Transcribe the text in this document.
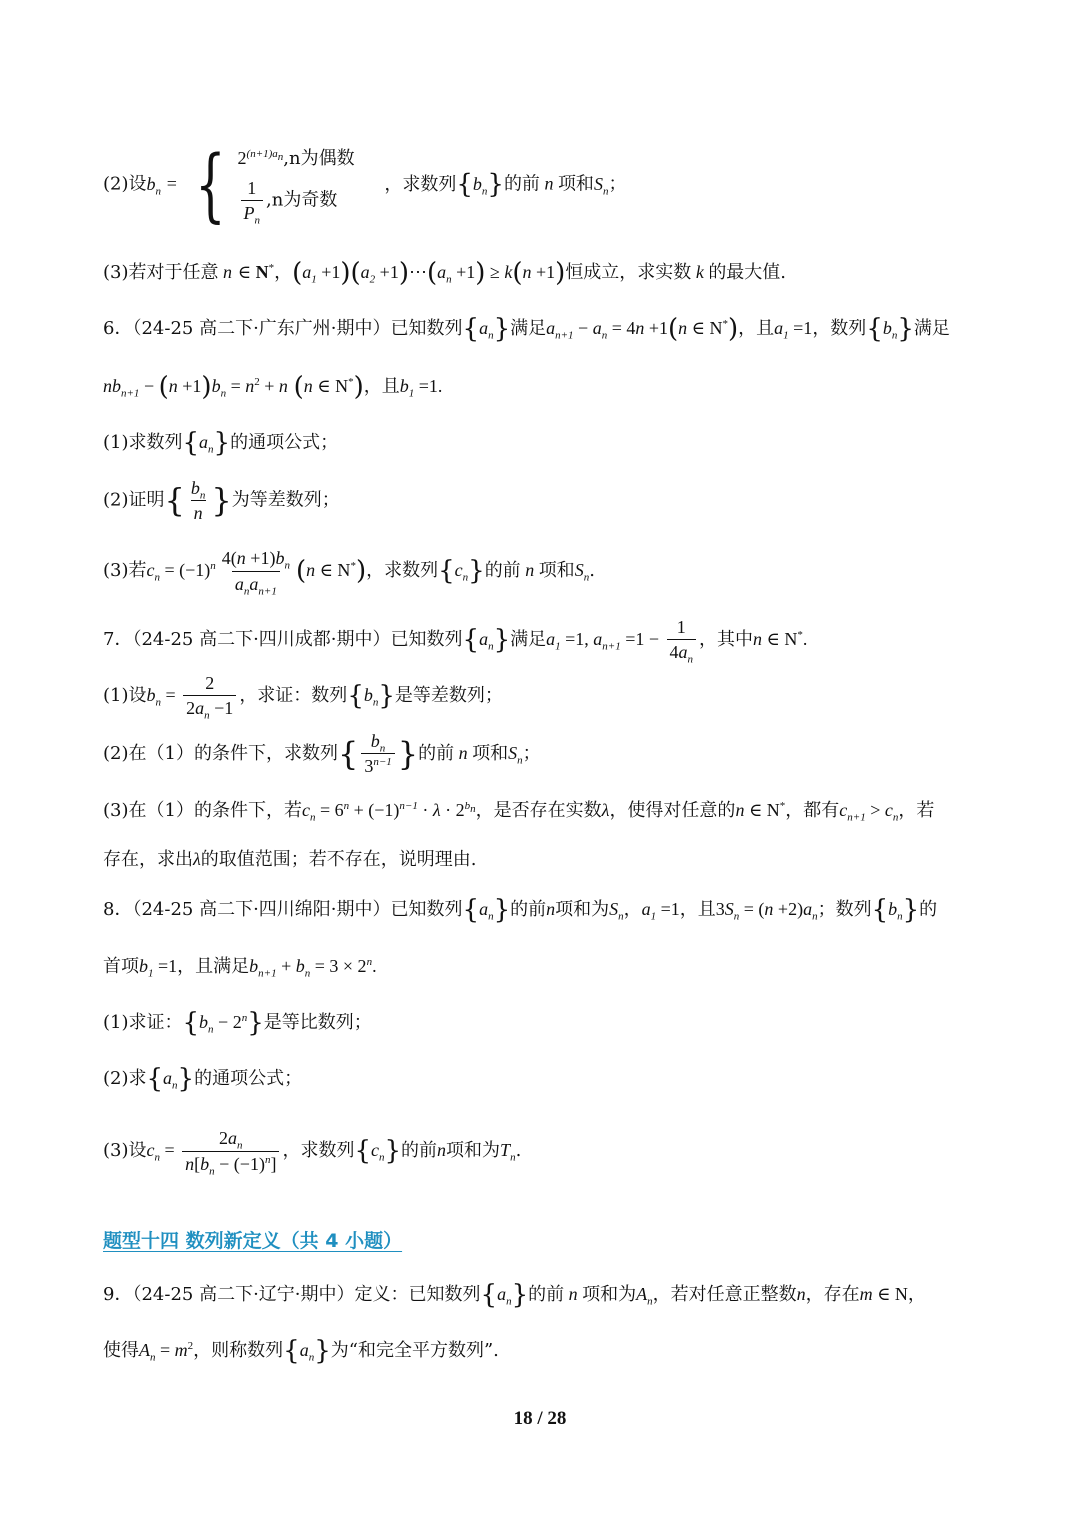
(2)设$b_n$ = { $2^{(n+1)a_n},n$为偶数
$\frac{1}{P_n} ,n$为奇数
，求数列$\{b_n\}$的前 n 项和$S_n$；
(3)若对于任意 n ∈ N*，$(a_1 +1)(a_2$ $+1)\cdots(a_n +1) \ge k(n +1)$恒成立，求实数 k 的最大值.
6．（24-25 高二下·广东广州·期中）已知数列$\{a_n\}$满足$a_{n+1} - a_n = 4n +1(n$ ∈ N*)，且$a_1 =1$，数列$\{b_n\}$满足
$nb_{n+1} - (n +1)b_n = n^2 + n$ (n ∈ N*)，且$b_1 =1$.
(1)求数列$\{a_n\}$的通项公式；
(2)证明{ $\frac{b_n}{n}$ }为等差数列；
(3)若$c_n = (-1)^n \frac{4(n +1)b_n}{a_na_{n+1}} (n$ ∈ N*)，求数列$\{c_n\}$的前 n 项和$S_n$.
7．（24-25 高二下·四川成都·期中）已知数列$\{a_n\}$满足$a_1 =1$, $a_{n+1} =1 - \frac{1}{4a_n}$ ，其中n ∈ N*.
(1)设$b_n = \frac{2}{2a_n -1}$ ，求证：数列$\{b_n\}$是等差数列；
(2)在（1）的条件下，求数列{ $\frac{b_n}{3^{n-1}}$ }的前 n 项和$S_n$；
(3)在（1）的条件下，若$c_n = 6^n + (-1)^{n-1} \cdot \lambda \cdot 2^{b_n}$，是否存在实数λ，使得对任意的n ∈ N*，都有$c_{n+1} > c_n$，若
存在，求出λ的取值范围；若不存在，说明理由.
8．（24-25 高二下·四川绵阳·期中）已知数列$\{a_n\}$的前n项和为$S_n$，$a_1 =1$，且$3S_n = (n +2)a_n$；数列$\{b_n\}$的
首项$b_1 =1$，且满足$b_{n+1} + b_n = 3 \times 2^n$.
(1)求证：$\{b_n - 2^n\}$是等比数列；
(2)求$\{a_n\}$的通项公式；
(3)设$c_n = \frac{2a_n}{n[b_n - (-1)^n]}$ ，求数列$\{c_n\}$的前n项和为$T_n$.
题型十四 数列新定义（共 4 小题）
9．（24-25 高二下·辽宁·期中）定义：已知数列$\{a_n\}$的前 n 项和为$A_n$，若对任意正整数n，存在m ∈ N，
使得$A_n = m^2$，则称数列$\{a_n\}$为“和完全平方数列”.
18 / 28
